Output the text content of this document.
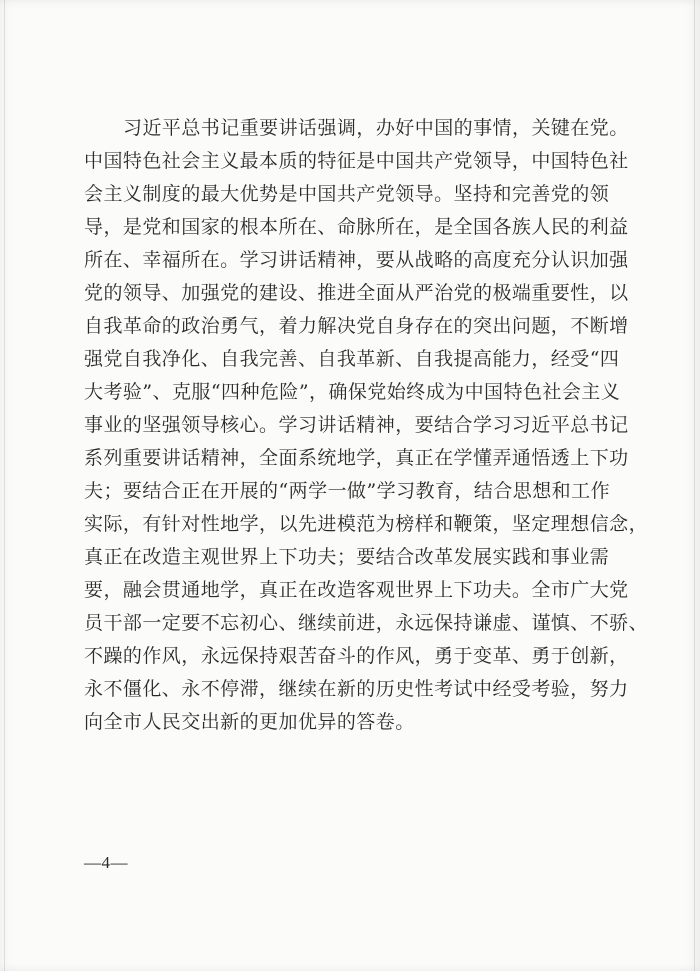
习近平总书记重要讲话强调，办好中国的事情，关键在党。
中国特色社会主义最本质的特征是中国共产党领导，中国特色社
会主义制度的最大优势是中国共产党领导。坚持和完善党的领
导，是党和国家的根本所在、命脉所在，是全国各族人民的利益
所在、幸福所在。学习讲话精神，要从战略的高度充分认识加强
党的领导、加强党的建设、推进全面从严治党的极端重要性，以
自我革命的政治勇气，着力解决党自身存在的突出问题，不断增
强党自我净化、自我完善、自我革新、自我提高能力，经受“四
大考验”、克服“四种危险”，确保党始终成为中国特色社会主义
事业的坚强领导核心。学习讲话精神，要结合学习习近平总书记
系列重要讲话精神，全面系统地学，真正在学懂弄通悟透上下功
夫；要结合正在开展的“两学一做”学习教育，结合思想和工作
实际，有针对性地学，以先进模范为榜样和鞭策，坚定理想信念，
真正在改造主观世界上下功夫；要结合改革发展实践和事业需
要，融会贯通地学，真正在改造客观世界上下功夫。全市广大党
员干部一定要不忘初心、继续前进，永远保持谦虚、谨慎、不骄、
不躁的作风，永远保持艰苦奋斗的作风，勇于变革、勇于创新，
永不僵化、永不停滞，继续在新的历史性考试中经受考验，努力
向全市人民交出新的更加优异的答卷。
—4—
